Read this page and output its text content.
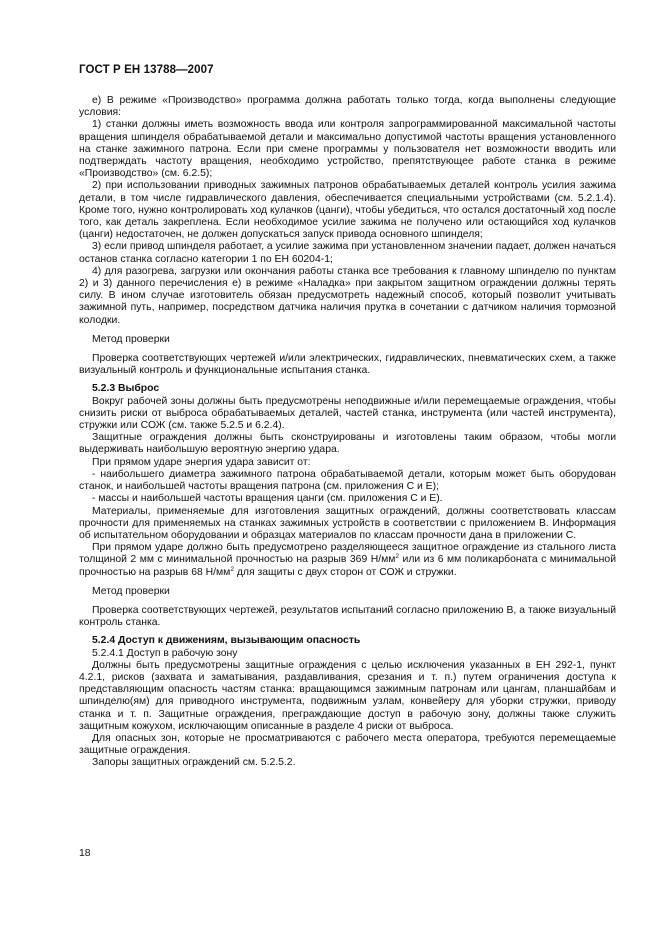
ГОСТ Р ЕН 13788—2007

е) В режиме «Производство» программа должна работать только тогда, когда выполнены следующие условия:

1) станки должны иметь возможность ввода или контроля запрограммированной максимальной частоты вращения шпинделя обрабатываемой детали и максимально допустимой частоты вращения установленного на станке зажимного патрона. Если при смене программы у пользователя нет возможности вводить или подтверждать частоту вращения, необходимо устройство, препятствующее работе станка в режиме «Производство» (см. 6.2.5);

2) при использовании приводных зажимных патронов обрабатываемых деталей контроль усилия зажима детали, в том числе гидравлического давления, обеспечивается специальными устройствами (см. 5.2.1.4). Кроме того, нужно контролировать ход кулачков (цанги), чтобы убедиться, что остался достаточный ход после того, как деталь закреплена. Если необходимое усилие зажима не получено или остающийся ход кулачков (цанги) недостаточен, не должен допускаться запуск привода основного шпинделя;

3) если привод шпинделя работает, а усилие зажима при установленном значении падает, должен начаться останов станка согласно категории 1 по ЕН 60204-1;

4) для разогрева, загрузки или окончания работы станка все требования к главному шпинделю по пунктам 2) и 3) данного перечисления е) в режиме «Наладка» при закрытом защитном ограждении должны терять силу. В ином случае изготовитель обязан предусмотреть надежный способ, который позволит учитывать зажимной путь, например, посредством датчика наличия прутка в сочетании с датчиком наличия тормозной колодки.

Метод проверки

Проверка соответствующих чертежей и/или электрических, гидравлических, пневматических схем, а также визуальный контроль и функциональные испытания станка.

5.2.3 Выброс

Вокруг рабочей зоны должны быть предусмотрены неподвижные и/или перемещаемые ограждения, чтобы снизить риски от выброса обрабатываемых деталей, частей станка, инструмента (или частей инструмента), стружки или СОЖ (см. также 5.2.5 и 6.2.4).

Защитные ограждения должны быть сконструированы и изготовлены таким образом, чтобы могли выдерживать наибольшую вероятную энергию удара.

При прямом ударе энергия удара зависит от:

- наибольшего диаметра зажимного патрона обрабатываемой детали, которым может быть оборудован станок, и наибольшей частоты вращения патрона (см. приложения С и Е);

- массы и наибольшей частоты вращения цанги (см. приложения С и Е).

Материалы, применяемые для изготовления защитных ограждений, должны соответствовать классам прочности для применяемых на станках зажимных устройств в соответствии с приложением В. Информация об испытательном оборудовании и образцах материалов по классам прочности дана в приложении С.

При прямом ударе должно быть предусмотрено разделяющееся защитное ограждение из стального листа толщиной 2 мм с минимальной прочностью на разрыв 369 $Н/мм^2$ или из 6 мм поликарбоната с минимальной прочностью на разрыв 68 $Н/мм^2$ для защиты с двух сторон от СОЖ и стружки.

Метод проверки

Проверка соответствующих чертежей, результатов испытаний согласно приложению В, а также визуальный контроль станка.

5.2.4 Доступ к движениям, вызывающим опасность

5.2.4.1 Доступ в рабочую зону

Должны быть предусмотрены защитные ограждения с целью исключения указанных в ЕН 292-1, пункт 4.2.1, рисков (захвата и заматывания, раздавливания, срезания и т. п.) путем ограничения доступа к представляющим опасность частям станка: вращающимся зажимным патронам или цангам, планшайбам и шпинделю(ям) для приводного инструмента, подвижным узлам, конвейеру для уборки стружки, приводу станка и т. п. Защитные ограждения, преграждающие доступ в рабочую зону, должны также служить защитным кожухом, исключающим описанные в разделе 4 риски от выброса.

Для опасных зон, которые не просматриваются с рабочего места оператора, требуются перемещаемые защитные ограждения.

Запоры защитных ограждений см. 5.2.5.2.

18
